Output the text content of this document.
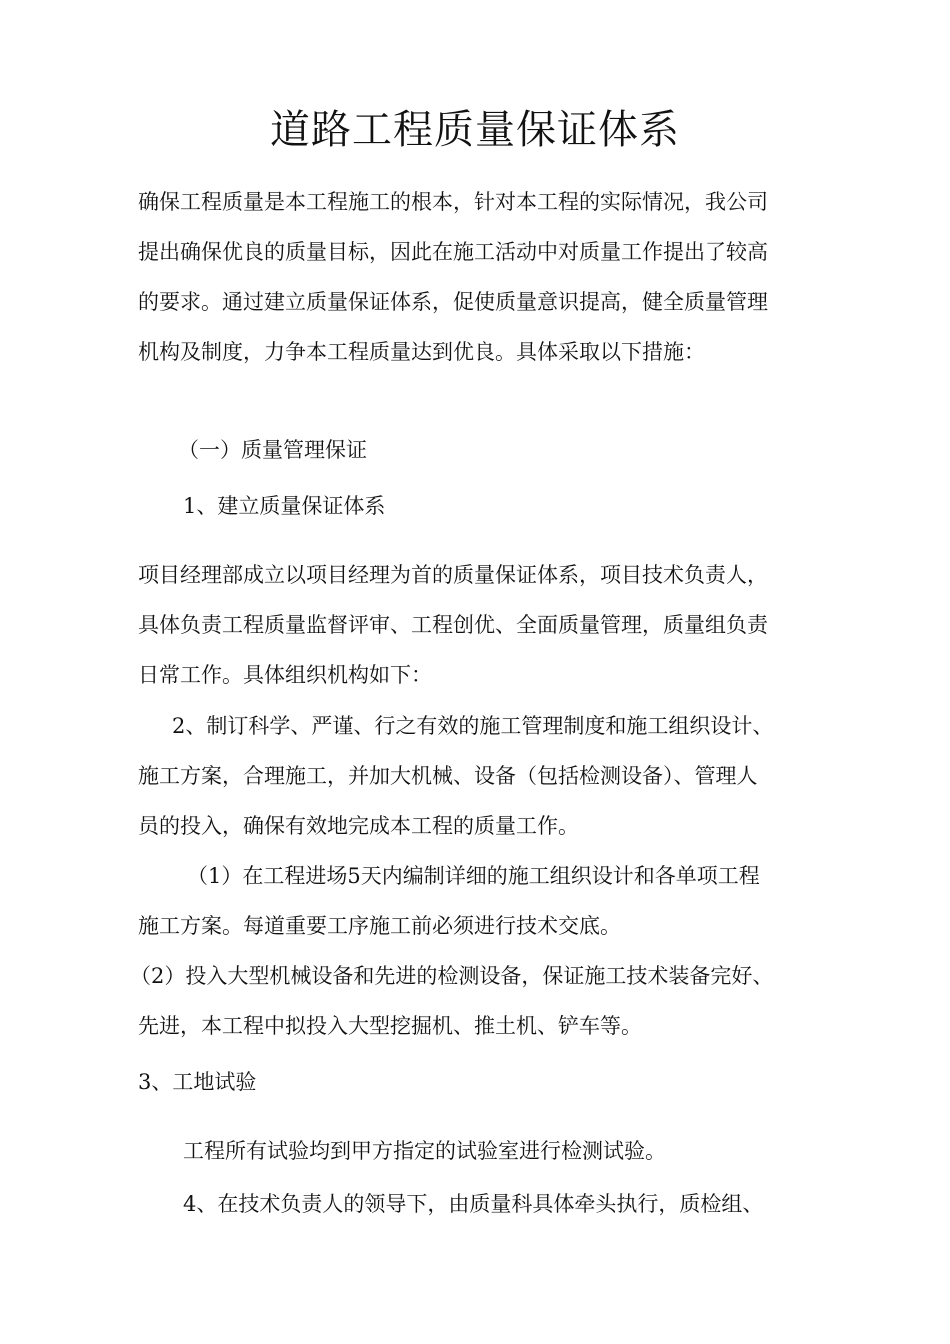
道路工程质量保证体系

确保工程质量是本工程施工的根本，针对本工程的实际情况，我公司

提出确保优良的质量目标，因此在施工活动中对质量工作提出了较高

的要求。通过建立质量保证体系，促使质量意识提高，健全质量管理

机构及制度，力争本工程质量达到优良。具体采取以下措施：

（一）质量管理保证

1、建立质量保证体系

项目经理部成立以项目经理为首的质量保证体系，项目技术负责人，

具体负责工程质量监督评审、工程创优、全面质量管理，质量组负责

日常工作。具体组织机构如下：

2、制订科学、严谨、行之有效的施工管理制度和施工组织设计、

施工方案，合理施工，并加大机械、设备（包括检测设备）、管理人

员的投入，确保有效地完成本工程的质量工作。

（1）在工程进场5天内编制详细的施工组织设计和各单项工程

施工方案。每道重要工序施工前必须进行技术交底。

（2）投入大型机械设备和先进的检测设备，保证施工技术装备完好、

先进，本工程中拟投入大型挖掘机、推土机、铲车等。

3、工地试验

工程所有试验均到甲方指定的试验室进行检测试验。

4、在技术负责人的领导下，由质量科具体牵头执行，质检组、
